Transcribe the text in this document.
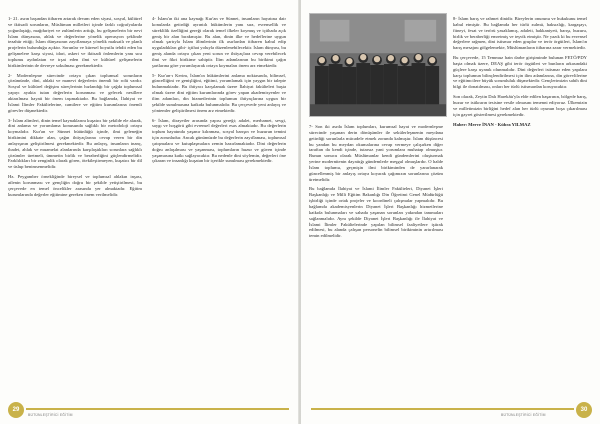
1- 21. asrın başından itibaren artarak devam eden siyasi, sosyal, kültürel ve iktisadi sorunların, Müslüman milletleri içinde farklı coğrafyalarda yoğunlaştığı, mağduriyet ve zulümlerin arttığı, bu gelişmelerin bir nevi İslam dünyasına, ahlak ve değerlerine yönelik operasyon şeklinde tezahür ettiği; İslam dünyasının zayıflamaya yönelik maksatlı ve planlı projelerin bulunduğu açıktır. Sorunlar ve küresel boyutlu tehdit eden bu gelişmelere karşı siyasi, idari, askeri ve iktisadi önlemlerin yanı sıra toplumu aydınlatan ve irşat eden ilmi ve kültürel gelişmelerin birikimlerinin de devreye sokulması gerekmektedir.

2- Modernleşme sürecinde ortaya çıkan toplumsal sorunların çözümünde, dini, ahlaki ve manevi değerlerin önemli bir rolü vardır. Sosyal ve kültürel değişim süreçlerinin hızlandığı bir çağda toplumsal yapıyı ayakta tutan değerlerin korunması ve gelecek nesillere aktarılması hayati bir önem taşımaktadır. Bu bağlamda, İlahiyat ve İslami İlimler Fakültelerine, camilere ve eğitim kurumlarına önemli görevler düşmektedir.

3- İslam alimleri, dinin temel kaynaklarını kuşatıcı bir şekilde ele alarak, dini anlama ve yorumlama konusunda sağlıklı bir metodoloji ortaya koymalıdır. Kur'an ve Sünnet bütünlüğü içinde, ilmi geleneğin birikimini dikkate alan, çağın ihtiyaçlarına cevap veren bir din anlayışının geliştirilmesi gerekmektedir. Bu anlayış, insanların inanç, ibadet, ahlak ve muamelat alanlarında karşılaştıkları sorunlara sağlıklı çözümler üretmeli, ümmetin birlik ve beraberliğini güçlendirmelidir. Farklılıkları bir zenginlik olarak gören, ötekileştirmeyen, kuşatıcı bir dil ve üslup benimsenmelidir.

Hz. Peygamber örnekliğinde bireysel ve toplumsal ahlakın inşası, ailenin korunması ve gençliğin doğru bir şekilde yetiştirilmesi, bu çerçevede en temel öncelikler arasında yer almaktadır. Eğitim kurumlarında değerler eğitimine gereken önem verilmelidir.

4- İslam'ın iki ana kaynağı Kur'an ve Sünnet, insanların hayatına dair konularda getirdiği ayrıntılı hükümlerin yanı sıra, evrensellik ve süreklilik özelliğini gereği olarak temel ilkeler koymuş ve içtihada açık geniş bir alan bırakmıştır. Bu alan, dinin ilke ve hedeflerine uygun olmak şartıyla İslam âlimlerinin ilk asırlardan itibaren kabul edip uyguladıkları gibi- içtihat yoluyla düzenlenebilecektir. İslam dünyası, bu geniş alanda ortaya çıkan yeni sorun ve ihtiyaçlara cevap verebilecek ilmi ve fikri birikime sahiptir. İlim adamlarının bu birikimi çağın şartlarına göre yorumlayarak ortaya koymaları önem arz etmektedir.

5- Kur'an-ı Kerim, İslam'ın hükümlerini anlama noktasında, bilimsel, güncelliğini ve genişliğini, eğitimi, yorumlamak için yaygın bir talepte bulunmaktadır. Bu ihtiyacı karşılamak üzere İlahiyat fakülteleri başta olmak üzere dini eğitim kurumlarında görev yapan akademisyenler ve ilim adamları, din hizmetlerinin toplumun ihtiyaçlarına uygun bir şekilde sunulmasına katkıda bulunmalıdır. Bu çerçevede yeni anlayış ve yöntemler geliştirilmesi önem arz etmektedir.

6- İslam, dirayetler arasında yapısı gereği; adalet, merhamet, sevgi, saygı ve hoşgörü gibi evrensel değerleri esas almaktadır. Bu değerlerin toplum hayatında yaşanır kılınması, sosyal barışın ve huzurun temini için zorunludur. Ancak günümüzde bu değerlerin zayıflaması, toplumsal çatışmalara ve kutuplaşmalara zemin hazırlamaktadır. Dini değerlerin doğru anlaşılması ve yaşanması, toplumların huzur ve güven içinde yaşamasına katkı sağlayacaktır. Bu nedenle dini söylemin, değerleri öne çıkaran ve insanlığı kuşatan bir içerikle sunulması gerekmektedir.

29
BÜTÜNLEŞTİRİCİ EĞİTİM

7- Son iki asrda İslam toplumları, kurumsal hayat ve modernleşme sürecinde yaşanan derin dönüşümler ile sekülerleşmenin meydana getirdiği sorunlarla mücadele etmek zorunda kalmıştır. İslam düşüncesi bu yandan bu meydan okumalarına cevap vermeye çalışırken diğer taraftan da kendi içinde, tutarsız yani yorumlara muhatap olmuştur. Bunun sonucu olarak Müslümanlar kendi gündemlerini oluşturmak yerine modernitenin dayattığı gündemlerle meşgul olmuşlardır. O halde İslam toplumu, geçmişin ilmi birikiminden de yararlanarak güncellenmiş bir anlayış ortaya koyarak çağımızın sorunlarına çözüm üretmelidir.

Bu bağlamda İlahiyat ve İslami İlimler Fakülteleri, Diyanet İşleri Başkanlığı ve Milli Eğitim Bakanlığı Din Öğretimi Genel Müdürlüğü işbirliği içinde ortak projeler ve koordineli çalışmalar yapmalıdır. Bu bağlamda akademisyenlerin Diyanet İşleri Başkanlığı hizmetlerine katkıda bulunmaları ve sahada yaşanan sorunları yakından tanımaları sağlanmalıdır. Aynı şekilde Diyanet İşleri Başkanlığı ile İlahiyat ve İslami İlimler Fakültelerinde yapılan bilimsel faaliyetlere iştirak edilmesi, bu alanda çalışan personelin bilimsel birikiminin artırılması temin edilmelidir.

8- İslam barış ve rahmet dinidir. Bireylerin onurunu ve hukukunu temel kabul etmiştir. Bu bağlamda her türlü zulmü, haksızlığı, kargaşayı, fitneyi, fesat ve terörü yasaklamış, adaleti, hakkaniyeti, barışı, huzuru, birlik ve beraberliği emretmiş ve teşvik etmiştir. Ne yazık ki bu evrensel değerlere rağmen, dini istismar eden gruplar ve terör örgütleri, İslam'ın barış mesajını gölgelemekte, Müslümanların itibarına zarar vermektedir.

Bu çerçevede, 15 Temmuz hain darbe girişiminde bulunan FETÖ/PDY başta olmak üzere, DEAŞ gibi terör örgütleri ve bunların arkasındaki güçlere karşı uyanık olunmalıdır. Dini değerleri istismar eden yapılara karşı toplumun bilinçlendirilmesi için ilim adamlarına, din görevlilerine ve eğitimcilere büyük sorumluluk düşmektedir. Gençlerimizin sahih dini bilgi ile donatılması, onları her türlü istismardan koruyacaktır.

Son olarak, Zeytin Dalı Harekâtı'yla elde edilen başarının, bölgede barış, huzur ve istikrarın tesisine vesile olmasını temenni ediyoruz. Ülkemizin ve milletimizin birliğini hedef alan her türlü oyunun boşa çıkarılması için gayret gösterilmesi gerekmektedir.

Haber: Merve İNAN - Kübra YILMAZ

30
BÜTÜNLEŞTİRİCİ EĞİTİM
